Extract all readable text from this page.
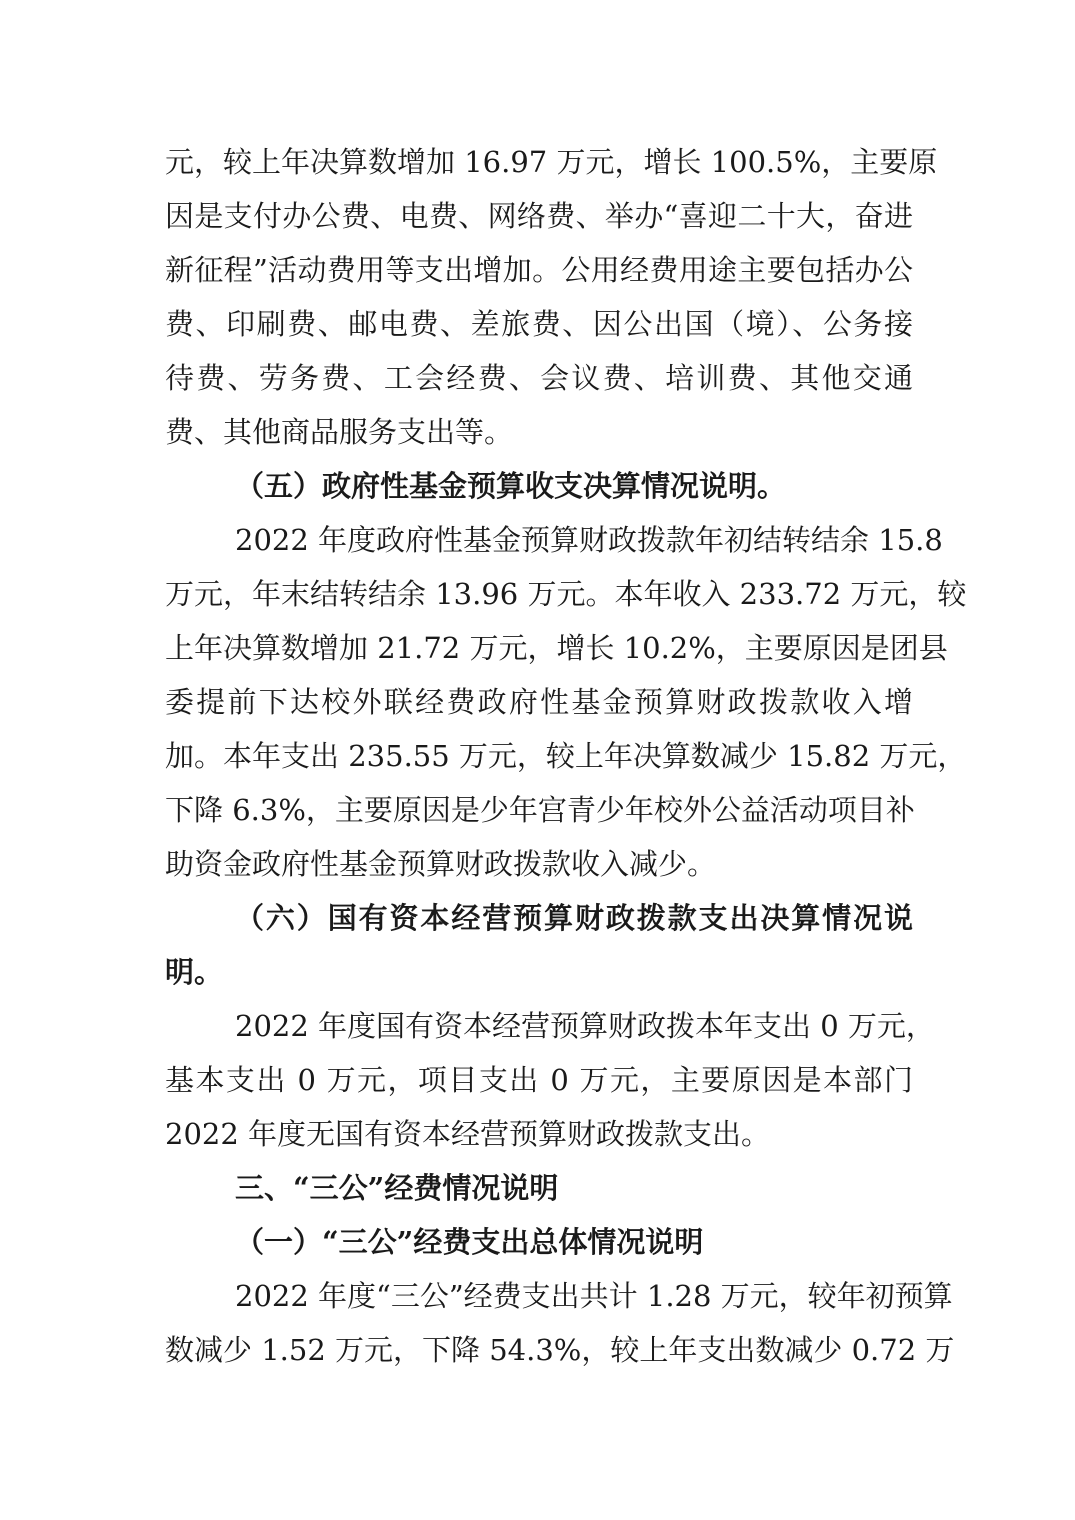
元，较上年决算数增加 16.97 万元，增长 100.5%，主要原
因是支付办公费、电费、网络费、举办“喜迎二十大，奋进
新征程”活动费用等支出增加。公用经费用途主要包括办公
费、印刷费、邮电费、差旅费、因公出国（境）、公务接
待费、劳务费、工会经费、会议费、培训费、其他交通
费、其他商品服务支出等。
（五）政府性基金预算收支决算情况说明。
2022 年度政府性基金预算财政拨款年初结转结余 15.8
万元，年末结转结余 13.96 万元。本年收入 233.72 万元，较
上年决算数增加 21.72 万元，增长 10.2%，主要原因是团县
委提前下达校外联经费政府性基金预算财政拨款收入增
加。本年支出 235.55 万元，较上年决算数减少 15.82 万元，
下降 6.3%，主要原因是少年宫青少年校外公益活动项目补
助资金政府性基金预算财政拨款收入减少。
（六）国有资本经营预算财政拨款支出决算情况说
明。
2022 年度国有资本经营预算财政拨本年支出 0 万元，
基本支出 0 万元，项目支出 0 万元，主要原因是本部门
2022 年度无国有资本经营预算财政拨款支出。
三、“三公”经费情况说明
（一）“三公”经费支出总体情况说明
2022 年度“三公”经费支出共计 1.28 万元，较年初预算
数减少 1.52 万元，下降 54.3%，较上年支出数减少 0.72 万
